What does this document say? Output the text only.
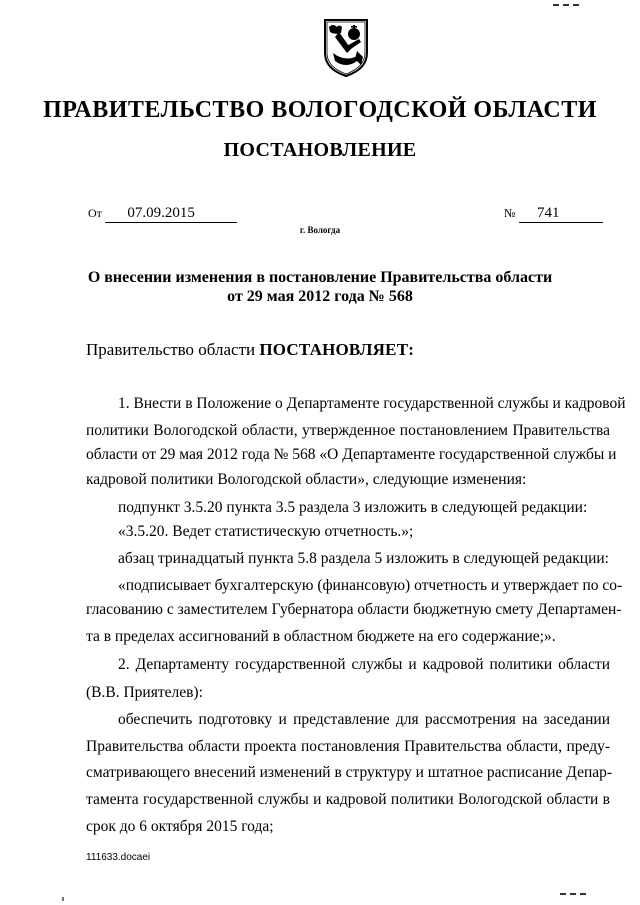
ПРАВИТЕЛЬСТВО ВОЛОГОДСКОЙ ОБЛАСТИ
ПОСТАНОВЛЕНИЕ
От 07.09.2015	№ 741
г. Вологда
О внесении изменения в постановление Правительства области
от 29 мая 2012 года № 568
Правительство области ПОСТАНОВЛЯЕТ:
1. Внести в Положение о Департаменте государственной службы и кадровой
политики Вологодской области, утвержденное постановлением Правительства
области от 29 мая 2012 года № 568 «О Департаменте государственной службы и
кадровой политики Вологодской области», следующие изменения:
подпункт 3.5.20 пункта 3.5 раздела 3 изложить в следующей редакции:
«3.5.20. Ведет статистическую отчетность.»;
абзац тринадцатый пункта 5.8 раздела 5 изложить в следующей редакции:
«подписывает бухгалтерскую (финансовую) отчетность и утверждает по со-
гласованию с заместителем Губернатора области бюджетную смету Департамен-
та в пределах ассигнований в областном бюджете на его содержание;».
2. Департаменту государственной службы и кадровой политики области
(В.В. Приятелев):
обеспечить подготовку и представление для рассмотрения на заседании
Правительства области проекта постановления Правительства области, преду-
сматривающего внесений изменений в структуру и штатное расписание Депар-
тамента государственной службы и кадровой политики Вологодской области в
срок до 6 октября 2015 года;
111633.docaei
